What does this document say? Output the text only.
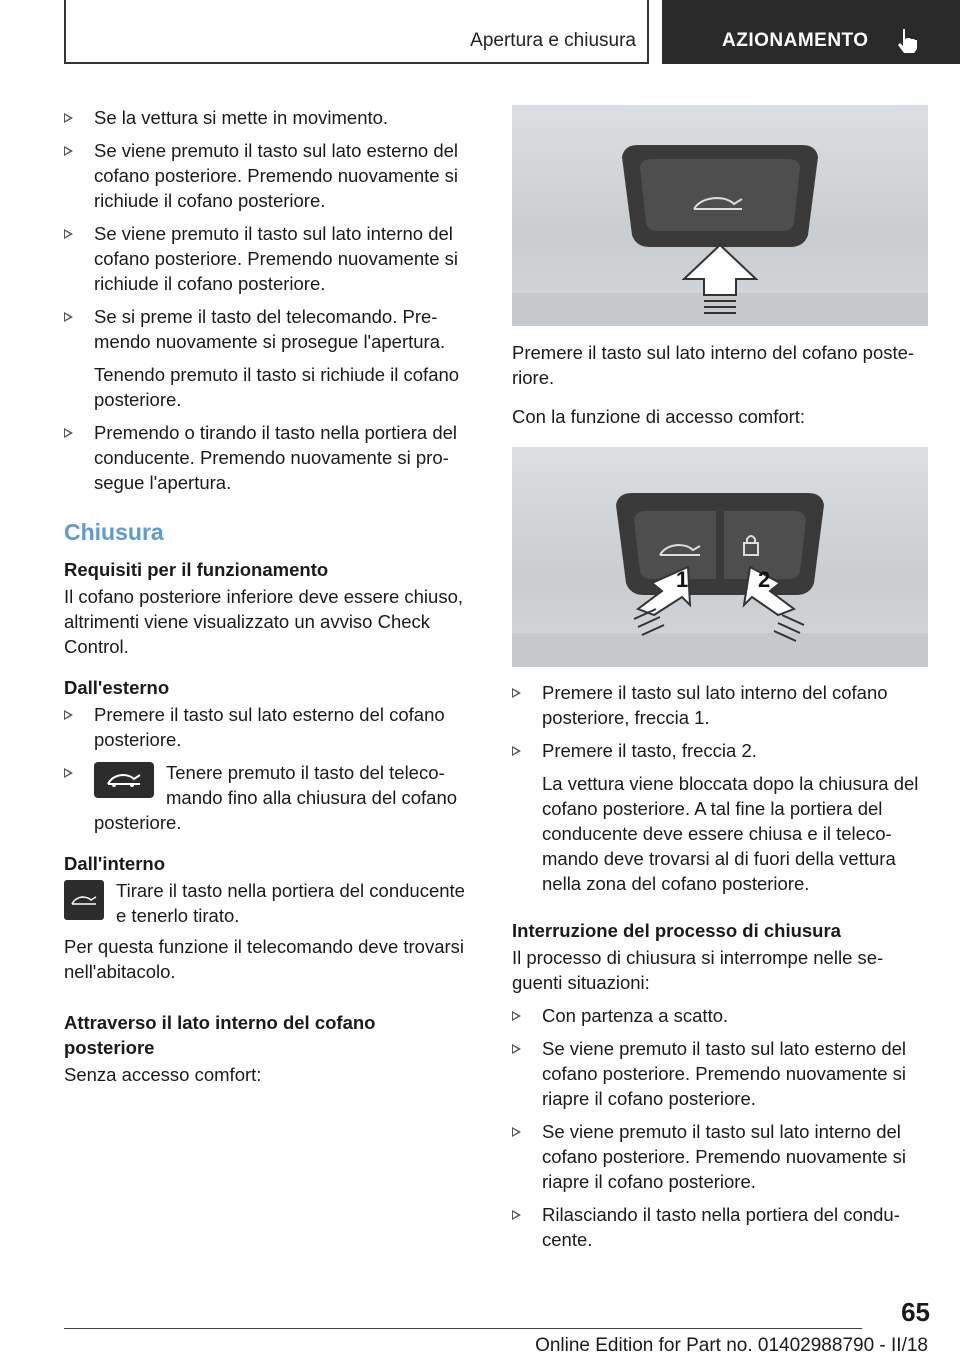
Apertura e chiusura	AZIONAMENTO
Se la vettura si mette in movimento.
Se viene premuto il tasto sul lato esterno del
cofano posteriore. Premendo nuovamente si
richiude il cofano posteriore.
Se viene premuto il tasto sul lato interno del
cofano posteriore. Premendo nuovamente si
richiude il cofano posteriore.
Se si preme il tasto del telecomando. Pre-
mendo nuovamente si prosegue l'apertura.
Tenendo premuto il tasto si richiude il cofano
posteriore.
Premendo o tirando il tasto nella portiera del
conducente. Premendo nuovamente si pro-
segue l'apertura.
Chiusura
Requisiti per il funzionamento

Il cofano posteriore inferiore deve essere chiuso,
altrimenti viene visualizzato un avviso Check
Control.

Dall'esterno
Premere il tasto sul lato esterno del cofano
posteriore.
Tenere premuto il tasto del teleco-
mando fino alla chiusura del cofano
posteriore.
Dall'interno
Tirare il tasto nella portiera del conducente
e tenerlo tirato.

Per questa funzione il telecomando deve trovarsi
nell'abitacolo.

Attraverso il lato interno del cofano
posteriore

Senza accesso comfort:

Premere il tasto sul lato interno del cofano poste-
riore.

Con la funzione di accesso comfort:

1	2
Premere il tasto sul lato interno del cofano
posteriore, freccia 1.
Premere il tasto, freccia 2.
La vettura viene bloccata dopo la chiusura del
cofano posteriore. A tal fine la portiera del
conducente deve essere chiusa e il teleco-
mando deve trovarsi al di fuori della vettura
nella zona del cofano posteriore.
Interruzione del processo di chiusura

Il processo di chiusura si interrompe nelle se-
guenti situazioni:

Con partenza a scatto.
Se viene premuto il tasto sul lato esterno del
cofano posteriore. Premendo nuovamente si
riapre il cofano posteriore.
Se viene premuto il tasto sul lato interno del
cofano posteriore. Premendo nuovamente si
riapre il cofano posteriore.
Rilasciando il tasto nella portiera del condu-
cente.
65
Online Edition for Part no. 01402988790 - II/18
